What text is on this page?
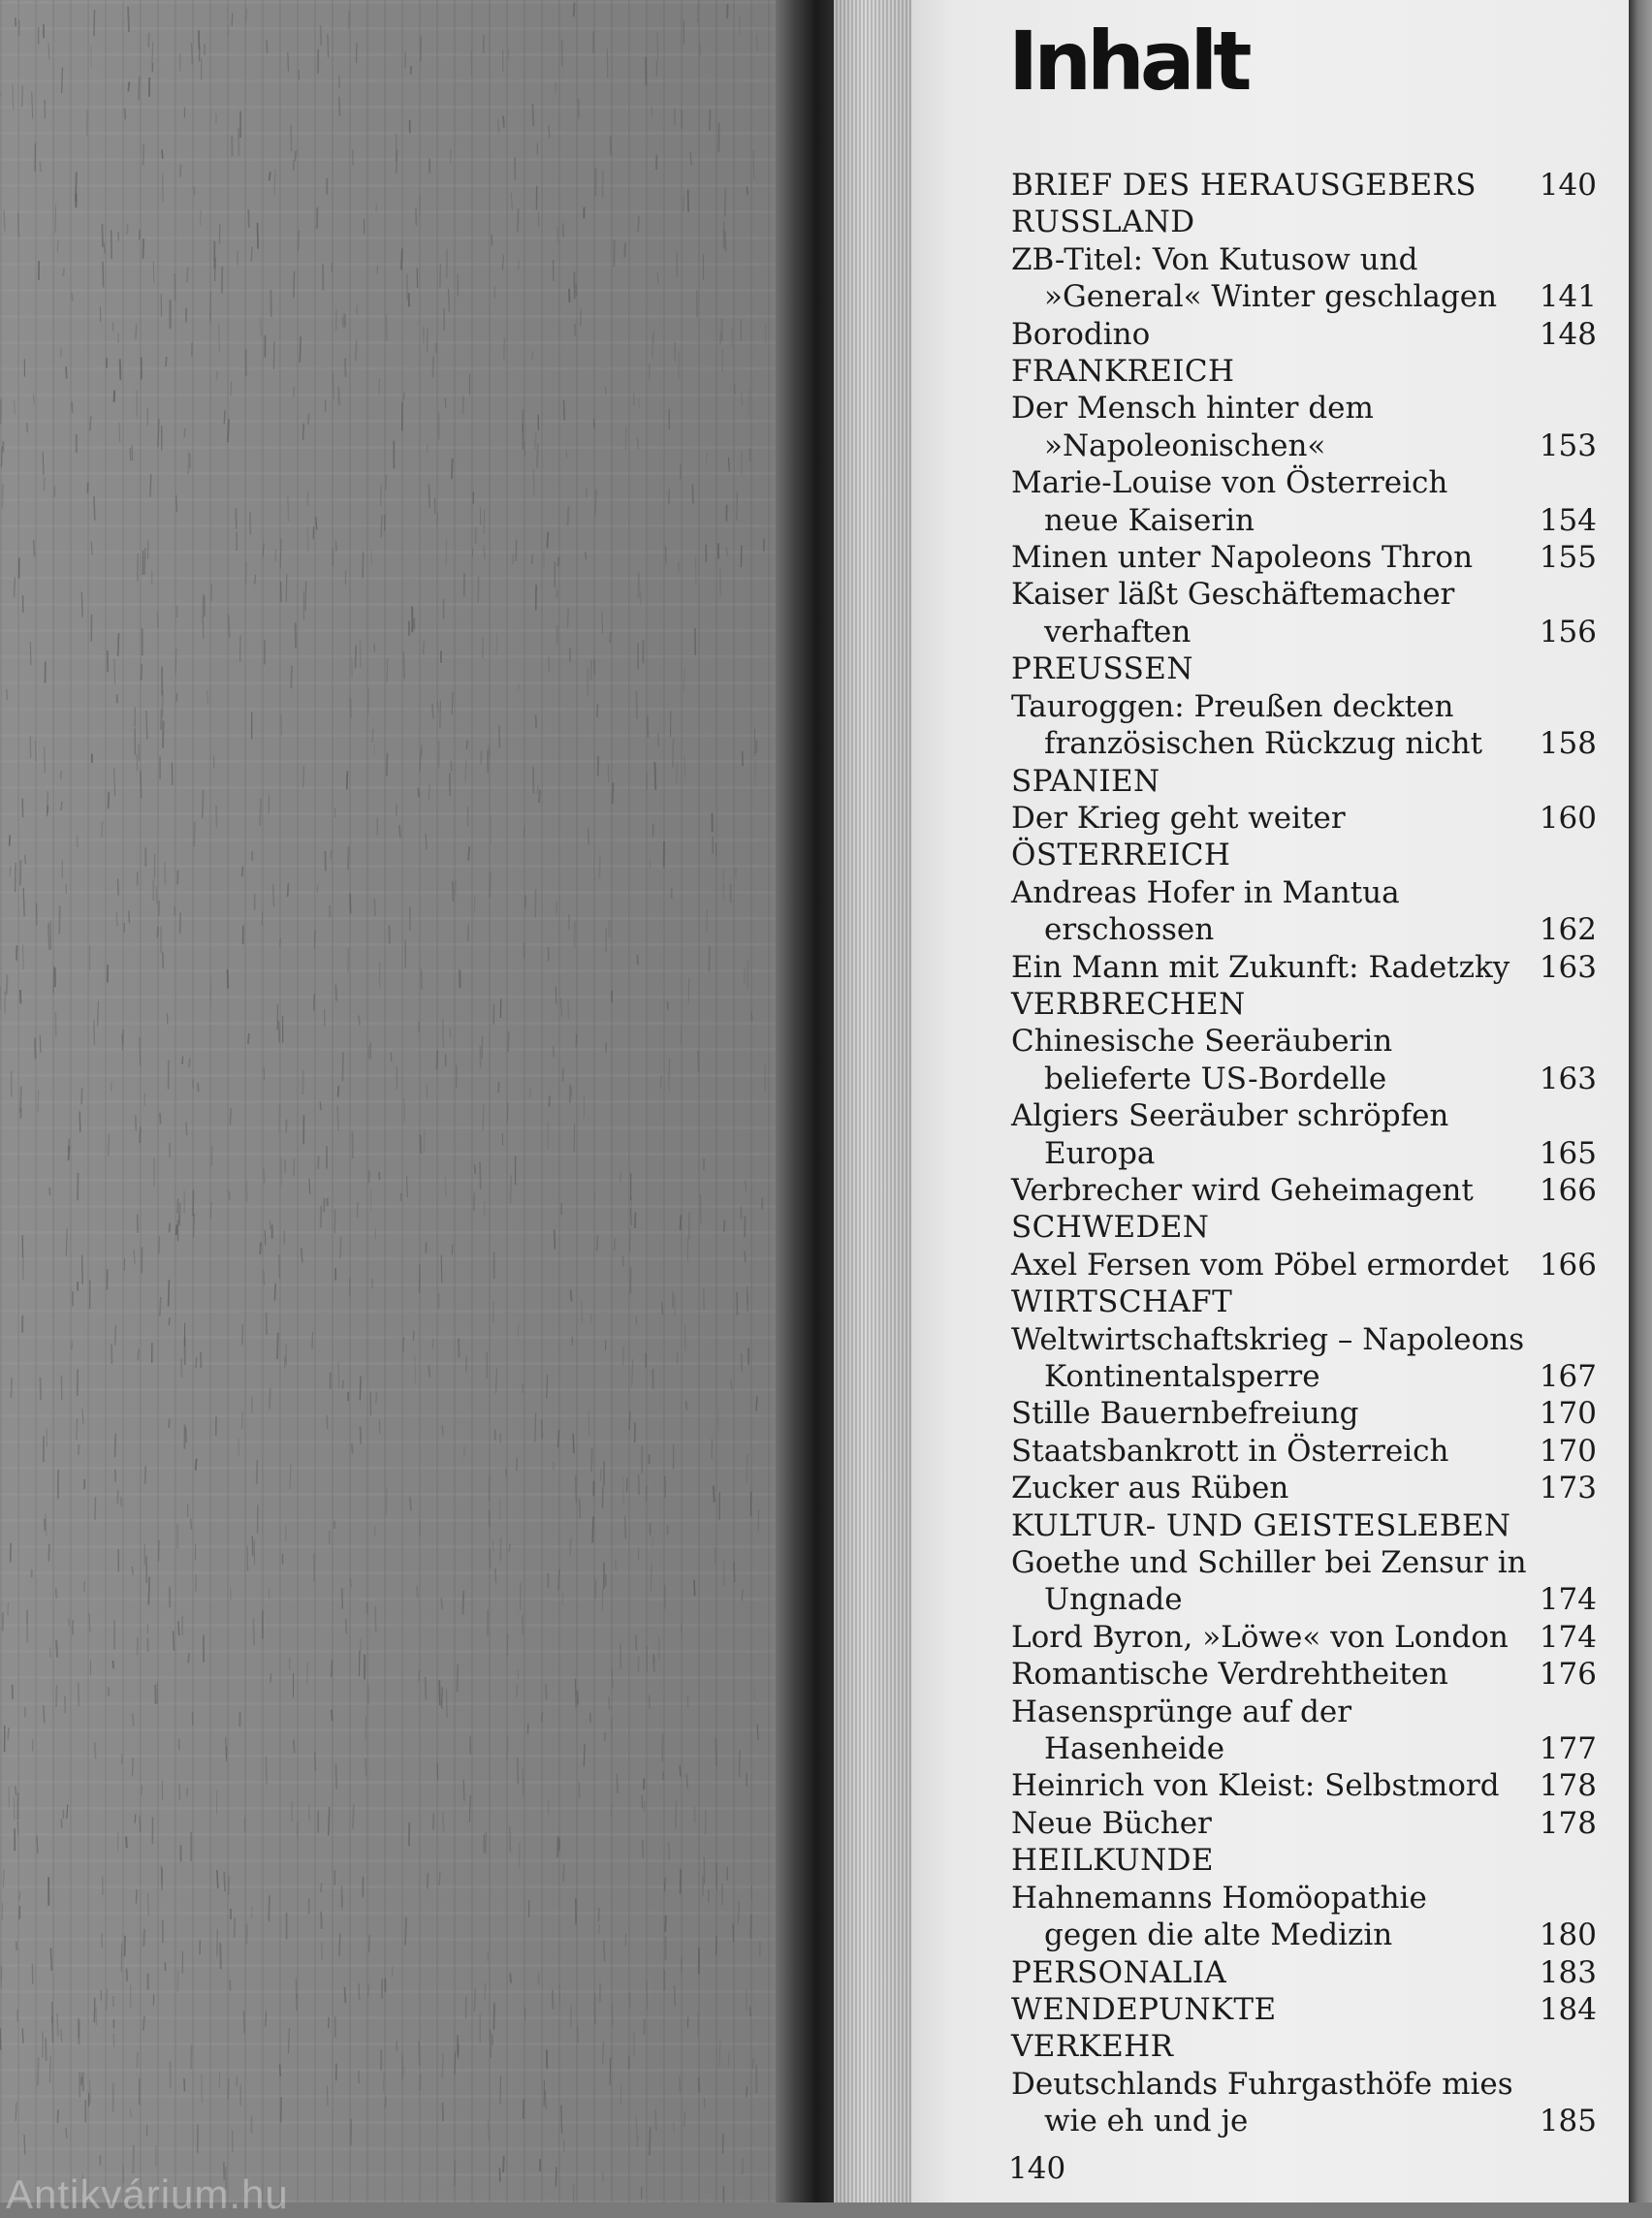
Antikvárium.hu
Inhalt
BRIEF DES HERAUSGEBERS	140
RUSSLAND
ZB-Titel: Von Kutusow und »General« Winter geschlagen	141
Borodino	148
FRANKREICH
Der Mensch hinter dem »Napoleonischen«	153
Marie-Louise von Österreich neue Kaiserin	154
Minen unter Napoleons Thron	155
Kaiser läßt Geschäftemacher verhaften	156
PREUSSEN
Tauroggen: Preußen deckten französischen Rückzug nicht	158
SPANIEN
Der Krieg geht weiter	160
ÖSTERREICH
Andreas Hofer in Mantua erschossen	162
Ein Mann mit Zukunft: Radetzky 163
VERBRECHEN
Chinesische Seeräuberin belieferte US-Bordelle	163
Algiers Seeräuber schröpfen Europa	165
Verbrecher wird Geheimagent	166
SCHWEDEN
Axel Fersen vom Pöbel ermordet	166
WIRTSCHAFT
Weltwirtschaftskrieg – Napoleons Kontinentalsperre	167
Stille Bauernbefreiung	170
Staatsbankrott in Österreich	170
Zucker aus Rüben	173
KULTUR- UND GEISTESLEBEN
Goethe und Schiller bei Zensur in Ungnade	174
Lord Byron, »Löwe« von London	174
Romantische Verdrehtheiten	176
Hasensprünge auf der Hasenheide	177
Heinrich von Kleist: Selbstmord	178
Neue Bücher	178
HEILKUNDE
Hahnemanns Homöopathie gegen die alte Medizin	180
PERSONALIA	183
WENDEPUNKTE	184
VERKEHR
Deutschlands Fuhrgasthöfe mies wie eh und je	185
140
